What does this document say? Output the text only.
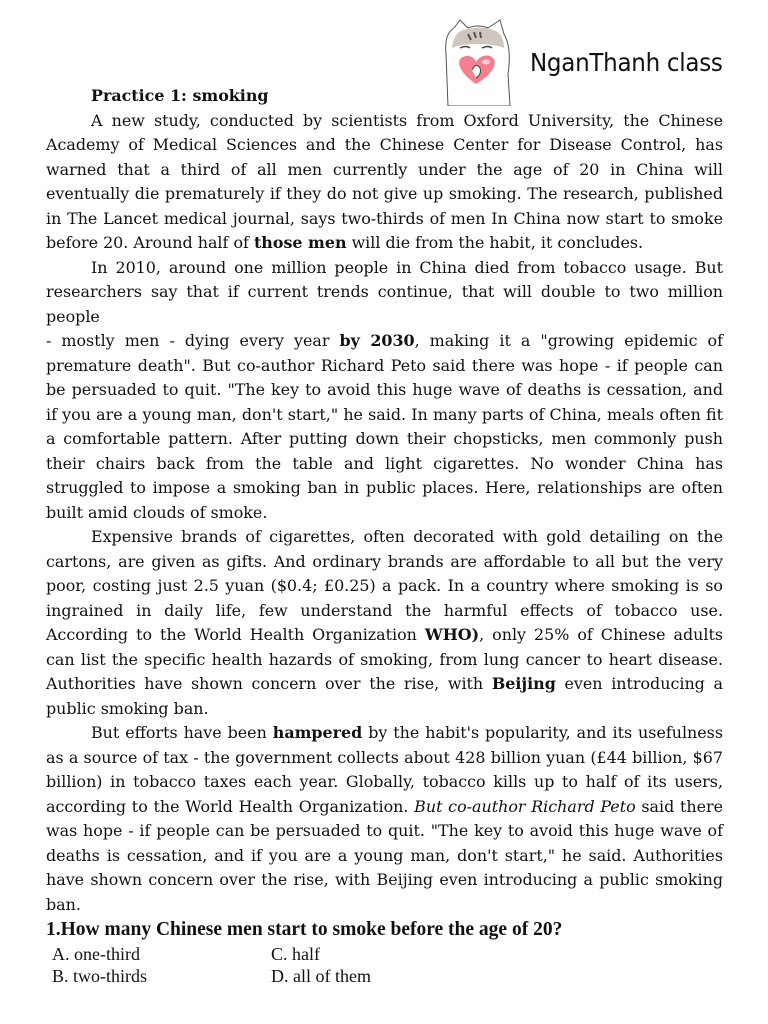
NganThanh class

Practice 1: smoking

A new study, conducted by scientists from Oxford University, the Chinese Academy of Medical Sciences and the Chinese Center for Disease Control, has warned that a third of all men currently under the age of 20 in China will eventually die prematurely if they do not give up smoking. The research, published in The Lancet medical journal, says two-thirds of men In China now start to smoke before 20. Around half of those men will die from the habit, it concludes.

In 2010, around one million people in China died from tobacco usage. But researchers say that if current trends continue, that will double to two million people

- mostly men - dying every year by 2030, making it a "growing epidemic of premature death". But co-author Richard Peto said there was hope - if people can be persuaded to quit. "The key to avoid this huge wave of deaths is cessation, and if you are a young man, don't start," he said. In many parts of China, meals often fit a comfortable pattern. After putting down their chopsticks, men commonly push their chairs back from the table and light cigarettes. No wonder China has struggled to impose a smoking ban in public places. Here, relationships are often built amid clouds of smoke.

Expensive brands of cigarettes, often decorated with gold detailing on the cartons, are given as gifts. And ordinary brands are affordable to all but the very poor, costing just 2.5 yuan ($0.4; £0.25) a pack. In a country where smoking is so ingrained in daily life, few understand the harmful effects of tobacco use. According to the World Health Organization WHO), only 25% of Chinese adults can list the specific health hazards of smoking, from lung cancer to heart disease. Authorities have shown concern over the rise, with Beijing even introducing a public smoking ban.

But efforts have been hampered by the habit's popularity, and its usefulness as a source of tax - the government collects about 428 billion yuan (£44 billion, $67 billion) in tobacco taxes each year. Globally, tobacco kills up to half of its users, according to the World Health Organization. But co-author Richard Peto said there was hope - if people can be persuaded to quit. "The key to avoid this huge wave of deaths is cessation, and if you are a young man, don't start," he said. Authorities have shown concern over the rise, with Beijing even introducing a public smoking ban.

1.How many Chinese men start to smoke before the age of 20?
A. one-third
B. two-thirds
C. half
D. all of them
